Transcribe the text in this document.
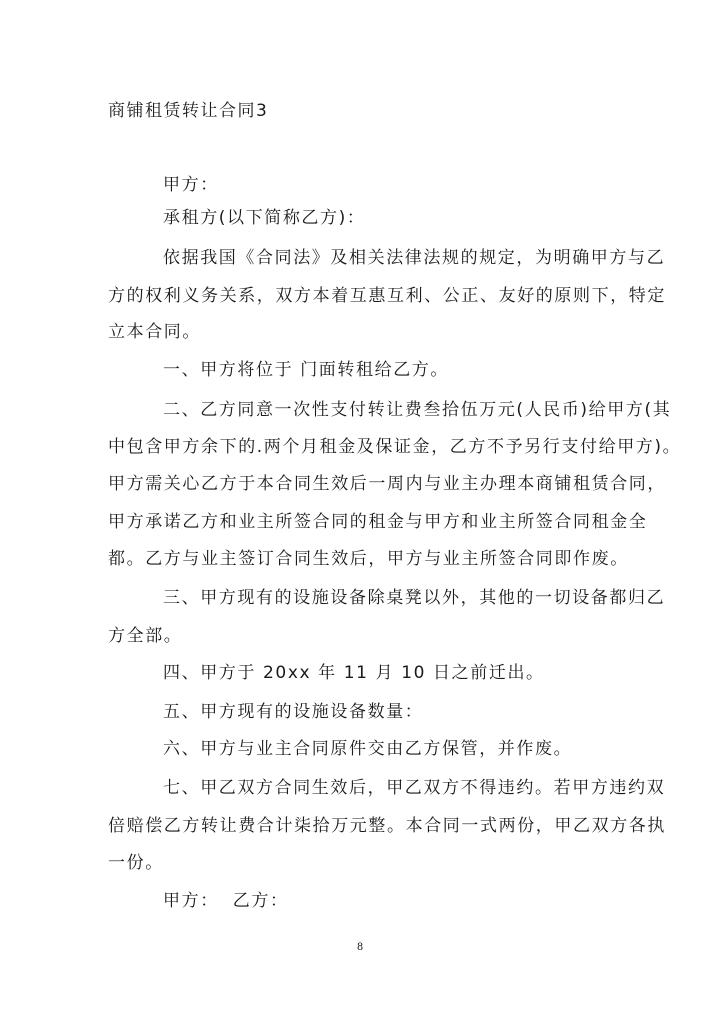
商铺租赁转让合同3
甲方：
承租方(以下简称乙方)：
依据我国《合同法》及相关法律法规的规定，为明确甲方与乙
方的权利义务关系，双方本着互惠互利、公正、友好的原则下，特定
立本合同。
一、甲方将位于 门面转租给乙方。
二、乙方同意一次性支付转让费叁拾伍万元(人民币)给甲方(其
中包含甲方余下的.两个月租金及保证金，乙方不予另行支付给甲方)。
甲方需关心乙方于本合同生效后一周内与业主办理本商铺租赁合同，
甲方承诺乙方和业主所签合同的租金与甲方和业主所签合同租金全
都。乙方与业主签订合同生效后，甲方与业主所签合同即作废。
三、甲方现有的设施设备除桌凳以外，其他的一切设备都归乙
方全部。
四、甲方于 20xx 年 11 月 10 日之前迁出。
五、甲方现有的设施设备数量：
六、甲方与业主合同原件交由乙方保管，并作废。
七、甲乙双方合同生效后，甲乙双方不得违约。若甲方违约双
倍赔偿乙方转让费合计柒拾万元整。本合同一式两份，甲乙双方各执
一份。
甲方：  乙方：
8
